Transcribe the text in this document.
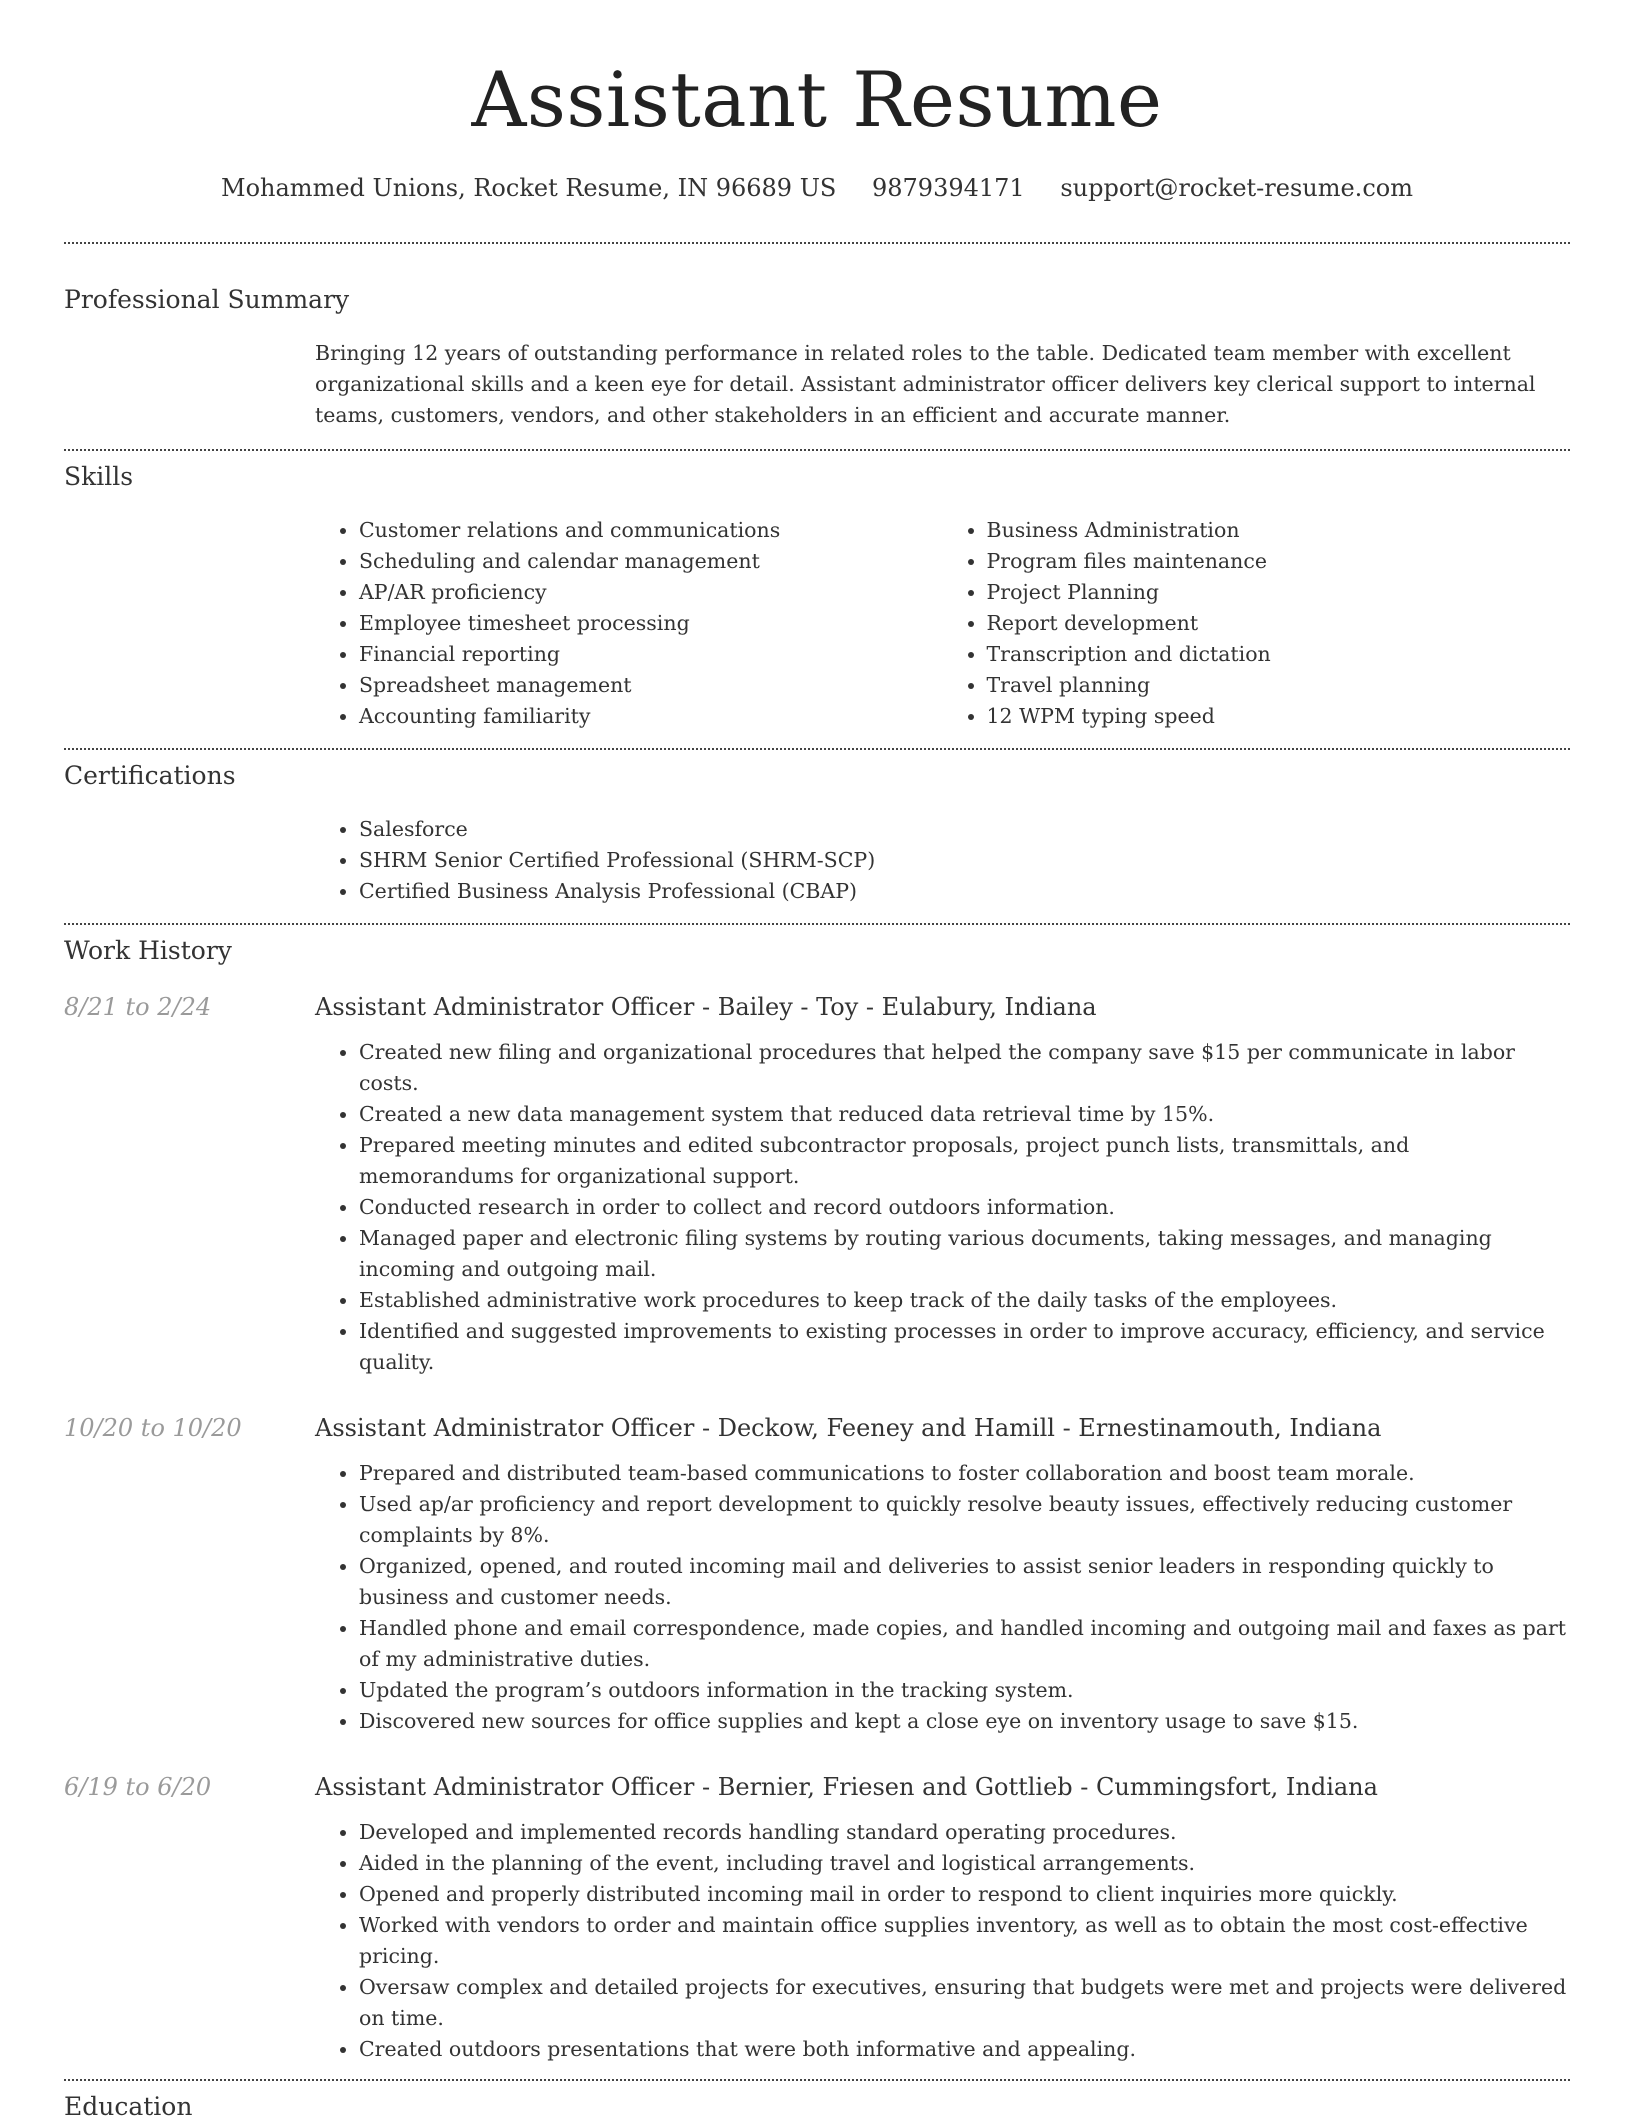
Assistant Resume
Mohammed Unions, Rocket Resume, IN 96689 US 9879394171 support@rocket-resume.com
Professional Summary
Bringing 12 years of outstanding performance in related roles to the table. Dedicated team member with excellent organizational skills and a keen eye for detail. Assistant administrator officer delivers key clerical support to internal teams, customers, vendors, and other stakeholders in an efficient and accurate manner.
Skills
• Customer relations and communications
• Scheduling and calendar management
• AP/AR proficiency
• Employee timesheet processing
• Financial reporting
• Spreadsheet management
• Accounting familiarity
• Business Administration
• Program files maintenance
• Project Planning
• Report development
• Transcription and dictation
• Travel planning
• 12 WPM typing speed
Certifications
• Salesforce
• SHRM Senior Certified Professional (SHRM-SCP)
• Certified Business Analysis Professional (CBAP)
Work History
8/21 to 2/24	Assistant Administrator Officer - Bailey - Toy - Eulabury, Indiana
• Created new filing and organizational procedures that helped the company save $15 per communicate in labor costs.
• Created a new data management system that reduced data retrieval time by 15%.
• Prepared meeting minutes and edited subcontractor proposals, project punch lists, transmittals, and memorandums for organizational support.
• Conducted research in order to collect and record outdoors information.
• Managed paper and electronic filing systems by routing various documents, taking messages, and managing incoming and outgoing mail.
• Established administrative work procedures to keep track of the daily tasks of the employees.
• Identified and suggested improvements to existing processes in order to improve accuracy, efficiency, and service quality.
10/20 to 10/20	Assistant Administrator Officer - Deckow, Feeney and Hamill - Ernestinamouth, Indiana
• Prepared and distributed team-based communications to foster collaboration and boost team morale.
• Used ap/ar proficiency and report development to quickly resolve beauty issues, effectively reducing customer complaints by 8%.
• Organized, opened, and routed incoming mail and deliveries to assist senior leaders in responding quickly to business and customer needs.
• Handled phone and email correspondence, made copies, and handled incoming and outgoing mail and faxes as part of my administrative duties.
• Updated the program’s outdoors information in the tracking system.
• Discovered new sources for office supplies and kept a close eye on inventory usage to save $15.
6/19 to 6/20	Assistant Administrator Officer - Bernier, Friesen and Gottlieb - Cummingsfort, Indiana
• Developed and implemented records handling standard operating procedures.
• Aided in the planning of the event, including travel and logistical arrangements.
• Opened and properly distributed incoming mail in order to respond to client inquiries more quickly.
• Worked with vendors to order and maintain office supplies inventory, as well as to obtain the most cost-effective pricing.
• Oversaw complex and detailed projects for executives, ensuring that budgets were met and projects were delivered on time.
• Created outdoors presentations that were both informative and appealing.
Education
